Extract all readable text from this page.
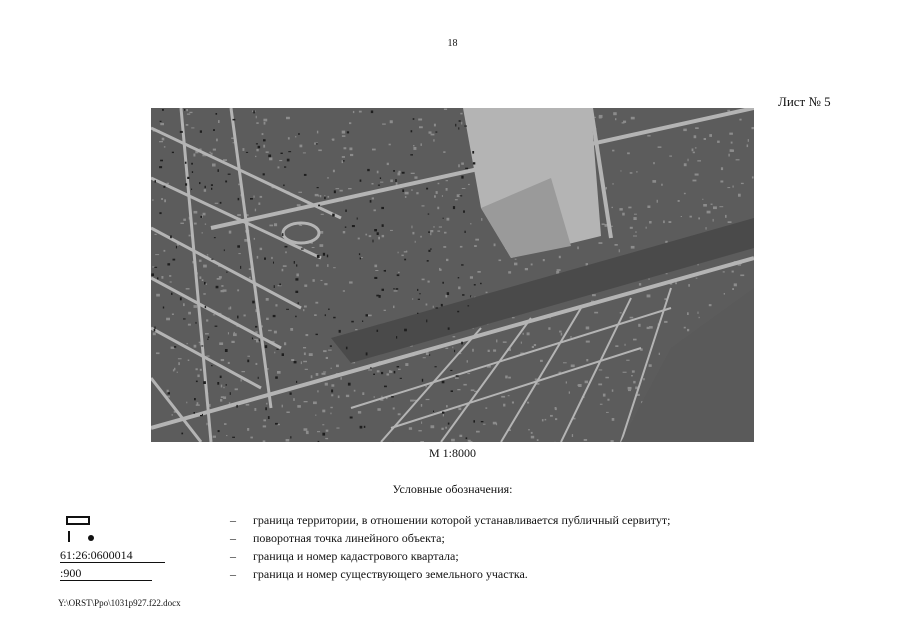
18
Лист № 5
М 1:8000
Условные обозначения:
– граница территории, в отношении которой устанавливается публичный сервитут;
– поворотная точка линейного объекта;
61:26:0600014	– граница и номер кадастрового квартала;
:900	– граница и номер существующего земельного участка.
Y:\ORST\Ppo\1031p927.f22.docx
